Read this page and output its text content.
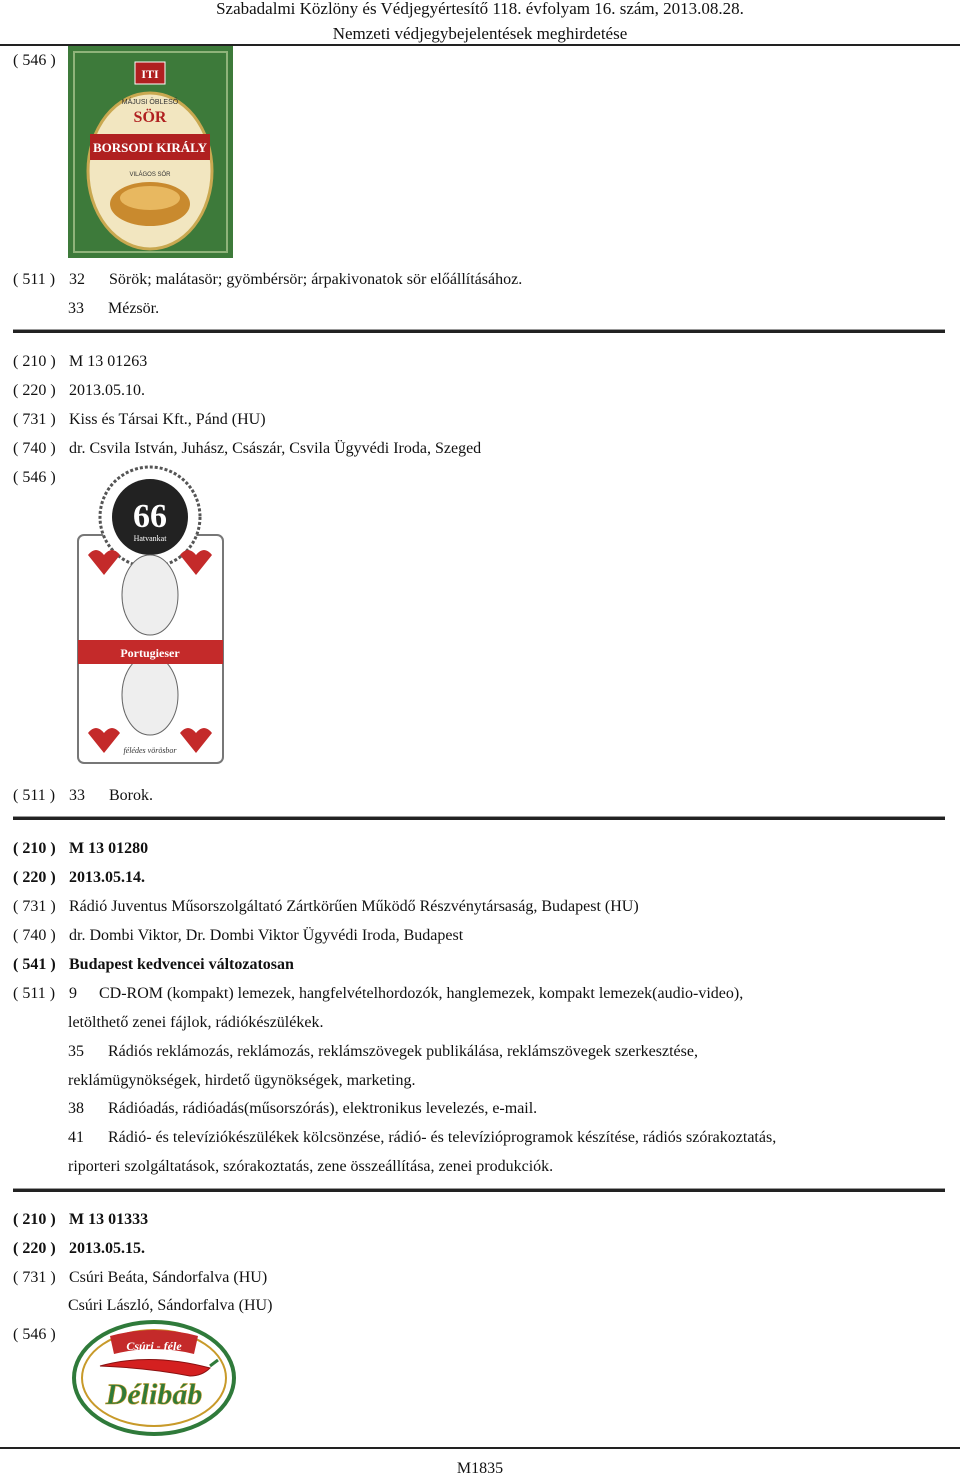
Szabadalmi Közlöny és Védjegyértesítő 118. évfolyam 16. szám, 2013.08.28.
Nemzeti védjegybejelentések meghirdetése
( 546 )
ITI
MÁJUSI ÖBLESŐ
SÖR
BORSODI KIRÁLY
VILÁGOS SÖR
( 511 ) 32 Sörök; malátasör; gyömbérsör; árpakivonatok sör előállításához.
33 Mézsör.
( 210 ) M 13 01263
( 220 ) 2013.05.10.
( 731 ) Kiss és Társai Kft., Pánd (HU)
( 740 ) dr. Csvila István, Juhász, Császár, Csvila Ügyvédi Iroda, Szeged
( 546 )
66
Hatvankat
Portugieser
félédes vörösbor
( 511 ) 33 Borok.
( 210 ) M 13 01280
( 220 ) 2013.05.14.
( 731 ) Rádió Juventus Műsorszolgáltató Zártkörűen Működő Részvénytársaság, Budapest (HU)
( 740 ) dr. Dombi Viktor, Dr. Dombi Viktor Ügyvédi Iroda, Budapest
( 541 ) Budapest kedvencei változatosan
( 511 ) 9 CD-ROM (kompakt) lemezek, hangfelvételhordozók, hanglemezek, kompakt lemezek(audio-video),
letölthető zenei fájlok, rádiókészülékek.
35 Rádiós reklámozás, reklámozás, reklámszövegek publikálása, reklámszövegek szerkesztése,
reklámügynökségek, hirdető ügynökségek, marketing.
38 Rádióadás, rádióadás(műsorszórás), elektronikus levelezés, e-mail.
41 Rádió- és televíziókészülékek kölcsönzése, rádió- és televízióprogramok készítése, rádiós szórakoztatás,
riporteri szolgáltatások, szórakoztatás, zene összeállítása, zenei produkciók.
( 210 ) M 13 01333
( 220 ) 2013.05.15.
( 731 ) Csúri Beáta, Sándorfalva (HU)
Csúri László, Sándorfalva (HU)
( 546 )
Csúri - féle
Délibáb
M1835
